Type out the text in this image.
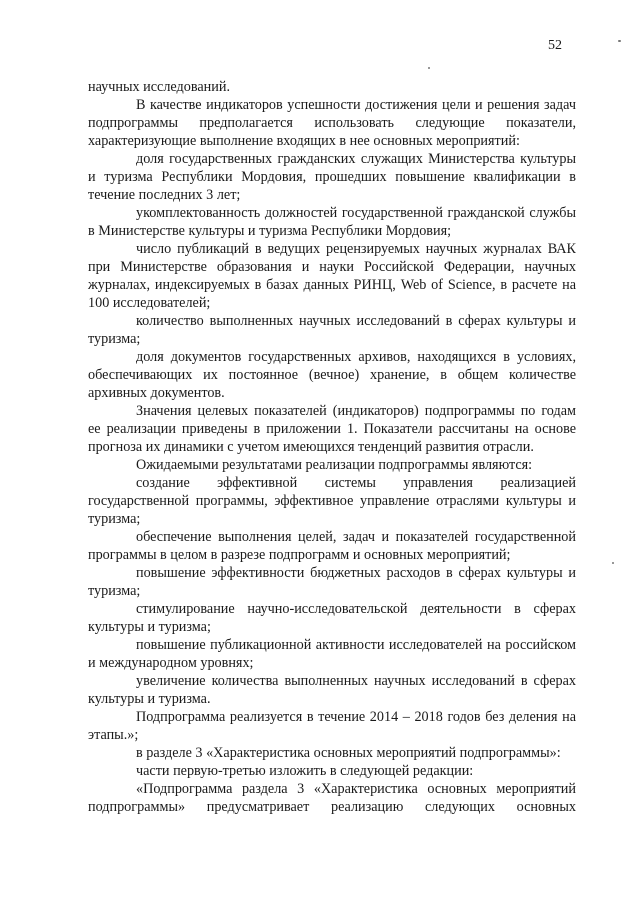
52

научных исследований.

В качестве индикаторов успешности достижения цели и решения задач подпрограммы предполагается использовать следующие показатели, характеризующие выполнение входящих в нее основных мероприятий:

доля государственных гражданских служащих Министерства культуры и туризма Республики Мордовия, прошедших повышение квалификации в течение последних 3 лет;

укомплектованность должностей государственной гражданской службы в Министерстве культуры и туризма Республики Мордовия;

число публикаций в ведущих рецензируемых научных журналах ВАК при Министерстве образования и науки Российской Федерации, научных журналах, индексируемых в базах данных РИНЦ, Web of Science, в расчете на 100 исследователей;

количество выполненных научных исследований в сферах культуры и туризма;

доля документов государственных архивов, находящихся в условиях, обеспечивающих их постоянное (вечное) хранение, в общем количестве архивных документов.

Значения целевых показателей (индикаторов) подпрограммы по годам ее реализации приведены в приложении 1. Показатели рассчитаны на основе прогноза их динамики с учетом имеющихся тенденций развития отрасли.

Ожидаемыми результатами реализации подпрограммы являются:

создание эффективной системы управления реализацией государственной программы, эффективное управление отраслями культуры и туризма;

обеспечение выполнения целей, задач и показателей государственной программы в целом в разрезе подпрограмм и основных мероприятий;

повышение эффективности бюджетных расходов в сферах культуры и туризма;

стимулирование научно-исследовательской деятельности в сферах культуры и туризма;

повышение публикационной активности исследователей на российском и международном уровнях;

увеличение количества выполненных научных исследований в сферах культуры и туризма.

Подпрограмма реализуется в течение 2014 – 2018 годов без деления на этапы.»;

в разделе 3 «Характеристика основных мероприятий подпрограммы»:

части первую-третью изложить в следующей редакции:

«Подпрограмма раздела 3 «Характеристика основных мероприятий подпрограммы» предусматривает реализацию следующих основных
